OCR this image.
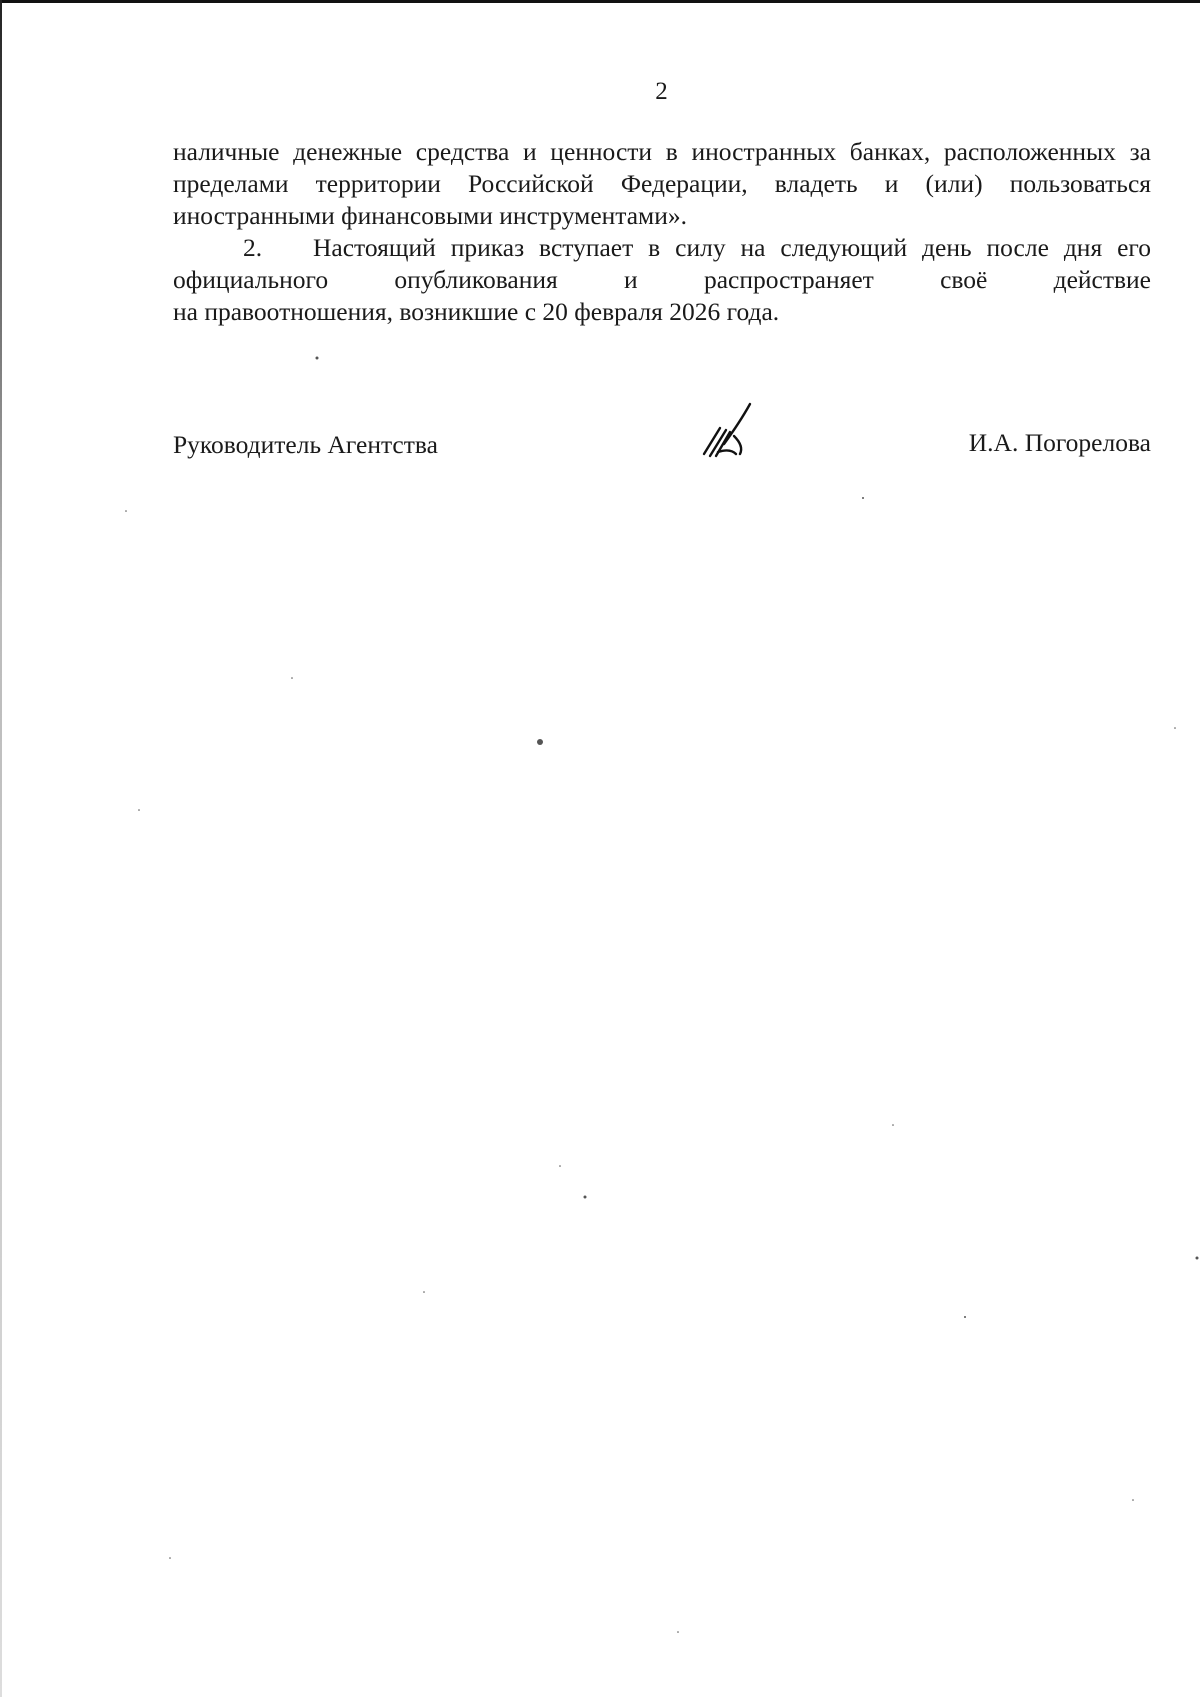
2
наличные денежные средства и ценности в иностранных банках, расположенных за пределами территории Российской Федерации, владеть и (или) пользоваться иностранными финансовыми инструментами».
2. Настоящий приказ вступает в силу на следующий день после дня его
официального опубликования и распространяет своё действие
на правоотношения, возникшие с 20 февраля 2026 года.
Руководитель Агентства	И.А. Погорелова
